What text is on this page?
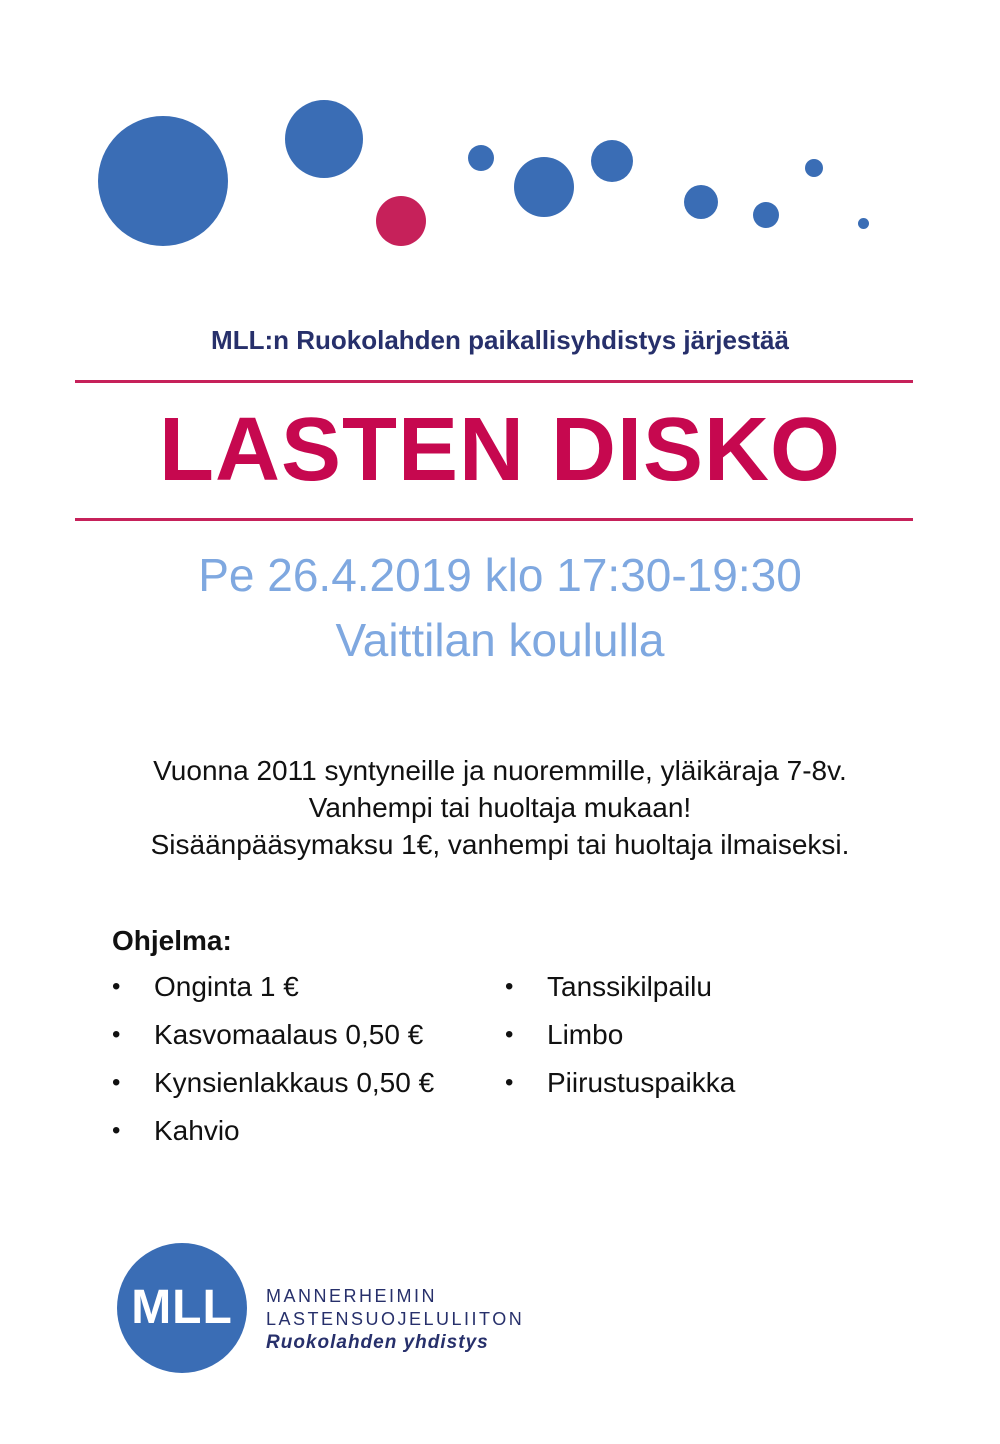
MLL:n Ruokolahden paikallisyhdistys järjestää
LASTEN DISKO
Pe 26.4.2019 klo 17:30-19:30
Vaittilan koululla
Vuonna 2011 syntyneille ja nuoremmille, yläikäraja 7-8v.
Vanhempi tai huoltaja mukaan!
Sisäänpääsymaksu 1€, vanhempi tai huoltaja ilmaiseksi.
Ohjelma:
• Onginta 1 €
• Kasvomaalaus 0,50 €
• Kynsienlakkaus 0,50 €
• Kahvio
• Tanssikilpailu
• Limbo
• Piirustuspaikka
MLL	MANNERHEIMIN
LASTENSUOJELULIITON
Ruokolahden yhdistys
